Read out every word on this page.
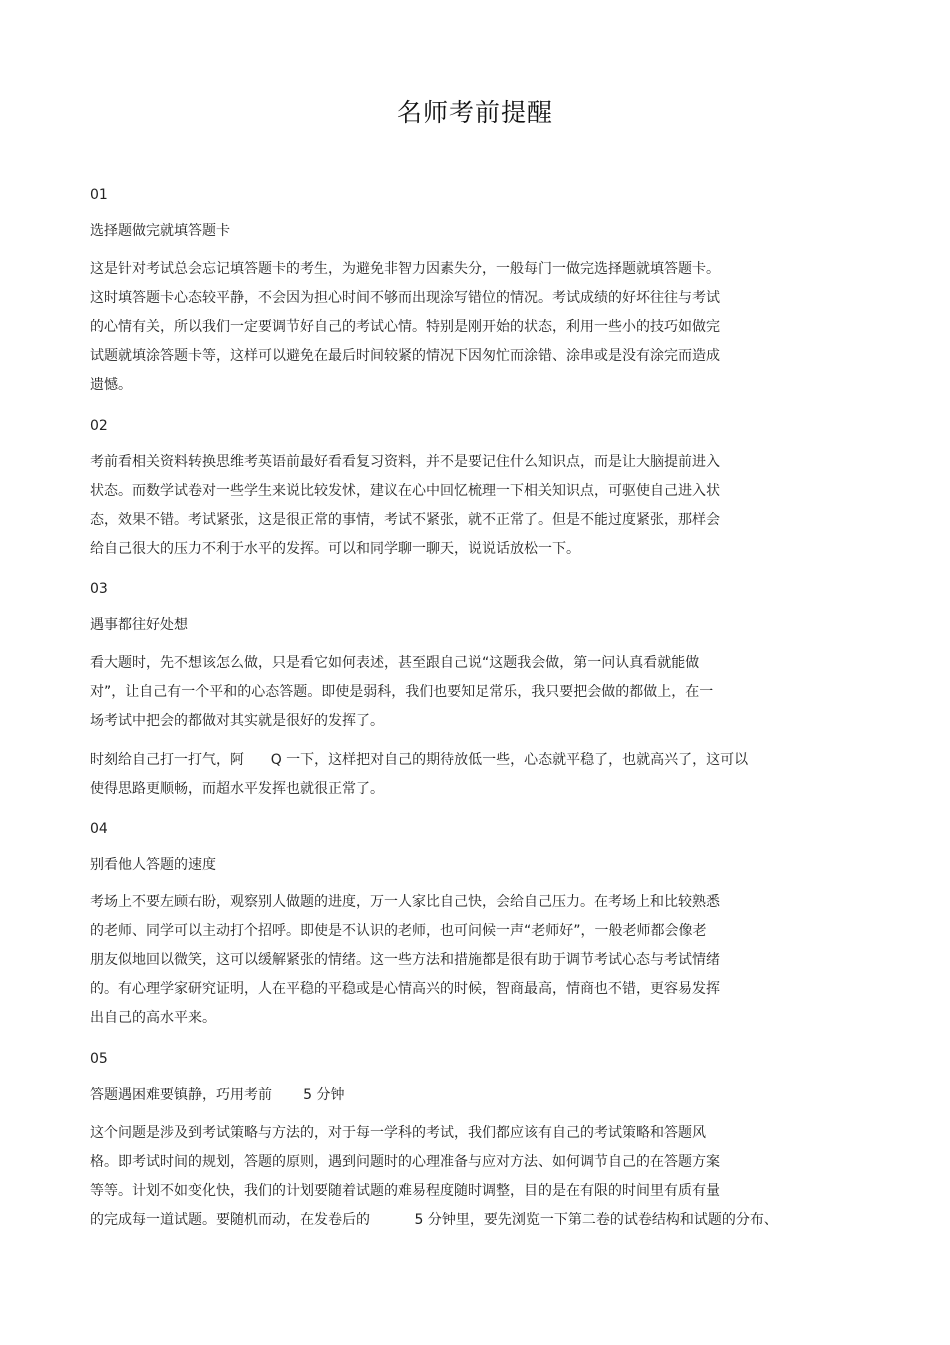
名师考前提醒
01
选择题做完就填答题卡
这是针对考试总会忘记填答题卡的考生，为避免非智力因素失分，一般每门一做完选择题就填答题卡。
这时填答题卡心态较平静，不会因为担心时间不够而出现涂写错位的情况。考试成绩的好坏往往与考试
的心情有关，所以我们一定要调节好自己的考试心情。特别是刚开始的状态，利用一些小的技巧如做完
试题就填涂答题卡等，这样可以避免在最后时间较紧的情况下因匆忙而涂错、涂串或是没有涂完而造成
遗憾。
02
考前看相关资料转换思维考英语前最好看看复习资料，并不是要记住什么知识点，而是让大脑提前进入
状态。而数学试卷对一些学生来说比较发怵，建议在心中回忆梳理一下相关知识点，可驱使自己进入状
态，效果不错。考试紧张，这是很正常的事情，考试不紧张，就不正常了。但是不能过度紧张，那样会
给自己很大的压力不利于水平的发挥。可以和同学聊一聊天，说说话放松一下。
03
遇事都往好处想
看大题时，先不想该怎么做，只是看它如何表述，甚至跟自己说“这题我会做，第一问认真看就能做
对”，让自己有一个平和的心态答题。即使是弱科，我们也要知足常乐，我只要把会做的都做上，在一
场考试中把会的都做对其实就是很好的发挥了。
时刻给自己打一打气，阿      Q 一下，这样把对自己的期待放低一些，心态就平稳了，也就高兴了，这可以
使得思路更顺畅，而超水平发挥也就很正常了。
04
别看他人答题的速度
考场上不要左顾右盼，观察别人做题的进度，万一人家比自己快，会给自己压力。在考场上和比较熟悉
的老师、同学可以主动打个招呼。即使是不认识的老师，也可问候一声“老师好”，一般老师都会像老
朋友似地回以微笑，这可以缓解紧张的情绪。这一些方法和措施都是很有助于调节考试心态与考试情绪
的。有心理学家研究证明，人在平稳的平稳或是心情高兴的时候，智商最高，情商也不错，更容易发挥
出自己的高水平来。
05
答题遇困难要镇静，巧用考前       5 分钟
这个问题是涉及到考试策略与方法的，对于每一学科的考试，我们都应该有自己的考试策略和答题风
格。即考试时间的规划，答题的原则，遇到问题时的心理准备与应对方法、如何调节自己的在答题方案
等等。计划不如变化快，我们的计划要随着试题的难易程度随时调整，目的是在有限的时间里有质有量
的完成每一道试题。要随机而动，在发卷后的          5 分钟里，要先浏览一下第二卷的试卷结构和试题的分布、
